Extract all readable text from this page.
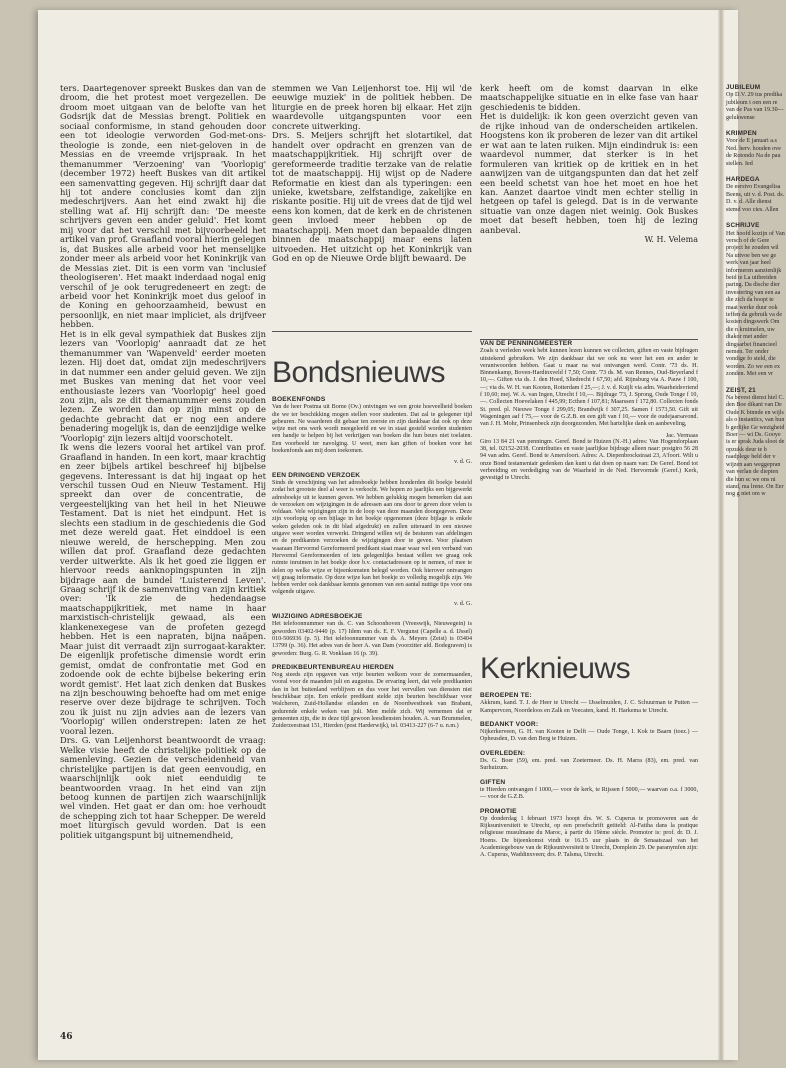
ters. Daartegenover spreekt Buskes dan van de droom, die het protest moet vergezellen. De droom moet uitgaan van de belofte van het Godsrijk dat de Messias brengt. Politiek en sociaal conformisme, in stand gehouden door een tot ideologie verworden God-met-ons-theologie is zonde, een niet-geloven in de Messias en de vreemde vrijspraak. In het themanummer 'Verzoening' van 'Voorlopig' (december 1972) heeft Buskes van dit artikel een samenvatting gegeven. Hij schrijft daar dat hij tot andere conclusies komt dan zijn medeschrijvers. Aan het eind zwakt hij die stelling wat af. Hij schrijft dan: 'De meeste schrijvers geven een ander geluid'. Het komt mij voor dat het verschil met bijvoorbeeld het artikel van prof. Graafland vooral hierin gelegen is, dat Buskes alle arbeid voor het menselijke zonder meer als arbeid voor het Koninkrijk van de Messias ziet. Dit is een vorm van 'inclusief theologiseren'. Het maakt inderdaad nogal enig verschil of je ook terugredeneert en zegt: de arbeid voor het Koninkrijk moet dus geloof in de Koning en gehoorzaamheid, bewust en persoonlijk, en niet maar impliciet, als drijfveer hebben.

Het is in elk geval sympathiek dat Buskes zijn lezers van 'Voorlopig' aanraadt dat ze het themanummer van 'Wapenveld' eerder moeten lezen. Hij doet dat, omdat zijn medeschrijvers in dat nummer een ander geluid geven. We zijn met Buskes van mening dat het voor veel enthousiaste lezers van 'Voorlopig' heel goed zou zijn, als ze dit themanummer eens zouden lezen. Ze worden dan op zijn minst op de gedachte gebracht dat er nog een andere benadering mogelijk is, dan de eenzijdige welke 'Voorlopig' zijn lezers altijd voorschotelt.

Ik wens die lezers vooral het artikel van prof. Graafland in handen. In een kort, maar krachtig en zeer bijbels artikel beschreef hij bijbelse gegevens. Interessant is dat hij ingaat op het verschil tussen Oud en Nieuw Testament. Hij spreekt dan over de concentratie, de vergeestelijking van het heil in het Nieuwe Testament. Dat is niet het eindpunt. Het is slechts een stadium in de geschiedenis die God met deze wereld gaat. Het einddoel is een nieuwe wereld, de herschepping. Men zou willen dat prof. Graafland deze gedachten verder uitwerkte. Als ik het goed zie liggen er hiervoor reeds aanknopingspunten in zijn bijdrage aan de bundel 'Luisterend Leven'. Graag schrijf ik de samenvatting van zijn kritiek over: 'Ik zie de hedendaagse maatschappijkritiek, met name in haar marxistisch-christelijk gewaad, als een klankenexegese van de profeten gezegd hebben. Het is een napraten, bijna naäpen. Maar juist dit verraadt zijn surrogaat-karakter. De eigenlijk profetische dimensie wordt erin gemist, omdat de confrontatie met God en zodoende ook de echte bijbelse bekering erin wordt gemist'. Het laat zich denken dat Buskes na zijn beschouwing behoefte had om met enige reserve over deze bijdrage te schrijven. Toch zou ik juist nu zijn advies aan de lezers van 'Voorlopig' willen onderstrepen: laten ze het vooral lezen.

Drs. G. van Leijenhorst beantwoordt de vraag: Welke visie heeft de christelijke politiek op de samenleving. Gezien de verscheidenheid van christelijke partijen is dat geen eenvoudig, en waarschijnlijk ook niet eenduidig te beantwoorden vraag. In het eind van zijn betoog kunnen de partijen zich waarschijnlijk wel vinden. Het gaat er dan om: hoe verhoudt de schepping zich tot haar Schepper. De wereld moet liturgisch gevuld worden. Dat is een politiek uitgangspunt bij uitnemendheid,

stemmen we Van Leijenhorst toe. Hij wil 'de eeuwige muziek' in de politiek hebben. De liturgie en de preek horen bij elkaar. Het zijn waardevolle uitgangspunten voor een concrete uitwerking.

Drs. S. Meijers schrijft het slotartikel, dat handelt over opdracht en grenzen van de maatschappijkritiek. Hij schrijft over de gereformeerde traditie terzake van de relatie tot de maatschappij. Hij wijst op de Nadere Reformatie en kiest dan als typeringen: een unieke, kwetsbare, zelfstandige, zakelijke en riskante positie. Hij uit de vrees dat de tijd wel eens kon komen, dat de kerk en de christenen geen invloed meer hebben op de maatschappij. Men moet dan bepaalde dingen binnen de maatschappij maar eens laten uitvoeden. Het uitzicht op het Koninkrijk van God en op de Nieuwe Orde blijft bewaard. De

kerk heeft om de komst daarvan in elke maatschappelijke situatie en in elke fase van haar geschiedenis te bidden.

Het is duidelijk: ik kon geen overzicht geven van de rijke inhoud van de onderscheiden artikelen. Hoogstens kon ik proberen de lezer van dit artikel er wat aan te laten ruiken. Mijn eindindruk is: een waardevol nummer, dat sterker is in het formuleren van kritiek op de kritiek en in het aanwijzen van de uitgangspunten dan dat het zelf een beeld schetst van hoe het moet en hoe het kan. Aanzet daartoe vindt men echter stellig in hetgeen op tafel is gelegd. Dat is in de verwante situatie van onze dagen niet weinig. Ook Buskes moet dat beseft hebben, toen hij de lezing aanbeval.

W. H. Velema
Bondsnieuws
BOEKENFONDS

Van de heer Postma uit Borne (Ov.) ontvingen we een grote hoeveelheid boeken die we ter beschikking mogen stellen voor studenten. Dat zal te gelegener tijd gebeuren. Ne waarderen dit gebaar ten zeerste en zijn dankbaar dat ook op deze wijze met ons werk wordt meegeleefd en we in staat gesteld worden studenten een handje te helpen bij het verkrijgen van boeken die hun beurs niet toelaten. Een voorbeeld ter navolging. U weet, men kan giften of boeken voor het boekenfonds aan mij doen toekomen.

v. d. G.
EEN DRINGEND VERZOEK

Sinds de verschijning van het adresboekje hebben honderden dit boekje besteld zodat het grootste deel al weer is verkocht. We hopen zo jaarlijks een bijgewerkt adresboekje uit te kunnen geven. We hebben gelukkig mogen bemerken dat aan de verzoeken om wijzigingen in de adressen aan ons door te geven door velen is voldaan. Vele wijzigingen zijn in de loop van deze maanden doorgegeven. Deze zijn voorlopig op een bijlage in het boekje opgenomen (deze bijlage is enkele weken geleden ook in dit blad afgedrukt) en zullen uiteraard in een nieuwe uitgave weer worden verwerkt. Dringend willen wij de besturen van afdelingen en de predikanten verzoeken de wijzigingen door te geven. Voor plaatsen waaraan Hervormd Gereformeerd predikant staat maar waar wel een verband van Hervormd Gereformeerden of iets gelegenlijks bestaat willen we graag ook ruimte inruimen in het boekje door b.v. contactadressen op te nemen, of mee te delen op welke wijze er bijeenkomsten belegd worden. Ook hierover ontvangen wij graag informatie. Op deze wijze kan het boekje zo volledig mogelijk zijn. We hebben verder ook dankbaar kennis genomen van een aantal nuttige tips voor ons volgende uitgave.

v. d. G.
WIJZIGING ADRESBOEKJE

Het telefoonnummer van ds. C. van Schoonhoven (Vreeswijk, Nieuwegein) is geworden 03402-9440 (p. 17) Idem van ds. E. F. Vergunst (Capelle a. d. IJssel) 010-506936 (p. 5). Het telefoonnummer van ds. A. Meyers (Zeist) is 03404 13799 (p. 36). Het adres van de heer A. van Dam (voorzitter afd. Bodegraven) is geworden: Burg. G. R. Vonklaan 16 (p. 39).

PREDIKBEURTENBUREAU HIERDEN

Nog steeds zijn opgaven van vrije beurten welkom voor de zomermaanden, vooral voor de maanden juli en augustus. De ervaring leert, dat vele predikanten dan in het buitenland verblijven en dus voor het vervullen van diensten niet beschikbaar zijn. Een enkele predikant stelde zijn beurten beschikbaar voor Walcheren, Zuid-Hollandse eilanden en de Noordwesthoek van Brabant, gedurende enkele weken van juli. Men melde zich. Wij vernemen dat er gemeenten zijn, die in deze tijd gewoon leesdiensten houden. A. van Brummelen, Zuiderzeestraat 151, Hierden (post Harderwijk), tel. 03413-227 (6-7 u. n.m.)

VAN DE PENNINGMEESTER

Zoals u verleden week hebt kunnen lezen kunnen we collecten, giften en vaste bijdragen uitstekend gebruiken. We zijn dankbaar dat we ook nu weer het een en ander te verantwoorden hebben. Gaat u maar na wat ontvangen werd. Contr. '73 ds. H. Binnenkamp, Boven-Hardinxveld f 7,50; Contr. '73 ds. M. van Rennes, Oud-Beyerland f 10,—. Giften via ds. J. den Hoed, Sliedrecht f 67,50; afd. Rijnsburg via A. Pauw f 100,—; via ds. W. H. van Kooten, Rotterdam f 25,—; J. v. d. Kuijlt via adm. Waarheidsvriend f 10,60; mej. W. A. van Ingen, Utrecht f 10,—. Bijdrage '73, J. Sprong, Oude Tonge f 10,—. Collecten Hoevelaken f 445,99; Ecthen f 107,81; Maarssen f 172,80. Collecten fonds St. pred. pl. Nieuwe Tonge f 299,05; Brandwijk f 307,25. Samen f 1573,50. Gift uit Wageningen aaf f 75,— voor de G.Z.B. en een gift van f 10,— voor de oudejaarsavond. van J. H. Mohr, Prinsenbeck zijn doorgezonden. Met hartelijke dank en aanbeveling,

Jac. Vermaas

Giro 13 84 21 van penningm. Geref. Bond te Huizen (N.-H.) adres: Van Hogendorplaan 38, tel. 02152-2038. Contributies en vaste jaarlijkse bijdrage alleen naar: postgiro 56 28 94 van adm. Geref. Bond te Amersfoort. Adres: A. Diepenbrockstraat 23, A'foort. Wilt u onze Bond testamentair gedenken dan kunt u dat doen op naam van: De Geref. Bond tot verbreiding en verdediging van de Waarheid in de Ned. Hervormde (Geref.) Kerk, gevestigd te Utrecht.

Kerknieuws
BEROEPEN TE:

Akkrum, kand. T. J. de Heer te Utrecht — IJsselmuiden, J. C. Schuurman te Putten — Kampervcen, Noordeloos en Zalk en Veecaten, kand. H. Harkema te Utrecht.

BEDANKT VOOR:

Nijkerkerveen, G. H. van Kooten te Delft — Oude Tonge, I. Kok te Baarn (toez.) — Opheusden, D. van den Berg te Huizen.

OVERLEDEN:

Ds. G. Boer (59), em. pred. van Zoetermeer. Ds. H. Marra (83), em. pred. van Surhuizum.

GIFTEN

te Hierden ontvangen f 1000,— voor de kerk, te Rijssen f 5000,— waarvan o.a. f 3000,— voor de G.Z.B.

PROMOTIE

Op donderdag 1 februari 1973 hoopt drs. W. S. Cuperus te promoveren aan de Rijksuniversiteit te Utrecht, op een proefschrift getiteld: Al-Fatiha dans la pratique religieuse musulmane du Maroc, à partir du 19ème siècle. Promotor is: prof. dr. D. J. Hoens. De bijeenkomst vindt te 16.15 uur plaats in de Senaatszaal van het Academiegebouw van de Rijksuniversiteit te Utrecht, Domplein 29. De paranymfen zijn: A. Cuperus, Waddinxveen; drs. P. Talsma, Utrecht.

46
JUBILEUM

Op D.V. 29 tus predika jubileum t oen een re van de Pas van 19.30— gelukwense

KRIMPEN

Voor de E januari a.s Ned. herv. houden ove de Rotondo Na de pau stellen. Ied

HARDEGA

De eerstvo Evangelisa Beens, uit v. d. Post. ds. D. v. d. Alle dienst stemd voo cies. Allen

SCHRIJVE

Het hoofd kozijn of Van versch of de Gere project he zouden wil Na uitvoe ben we ge werk van jaar heel informeren aanzienlijk beid te La uitbreiden paring. Da dische dier investering van een aa die zich da hoopt te maat werke duur ook teffen da gebruik va de kosten dingswerk Om die n kruimelen, uw diakor met ander dingsarbei financieel nemen. Ter onder vondige fo steld, die worden. Zo we een ex zonden. Met een vr

ZEIST, 21

Na bevest dienst hiel C. den Boe dikant van De Oude K binnde en wijls als o instantics, van hun b gerlijke Ge wezigheid Boer — wi Ds. Gooye is er sprak Juda sloot de opzukk deur te b raadplege held der v wijzen aan weggepran van verlan de diepten die hun sc we ons ni stand, ma lrene. On Eer nog g niet om w
